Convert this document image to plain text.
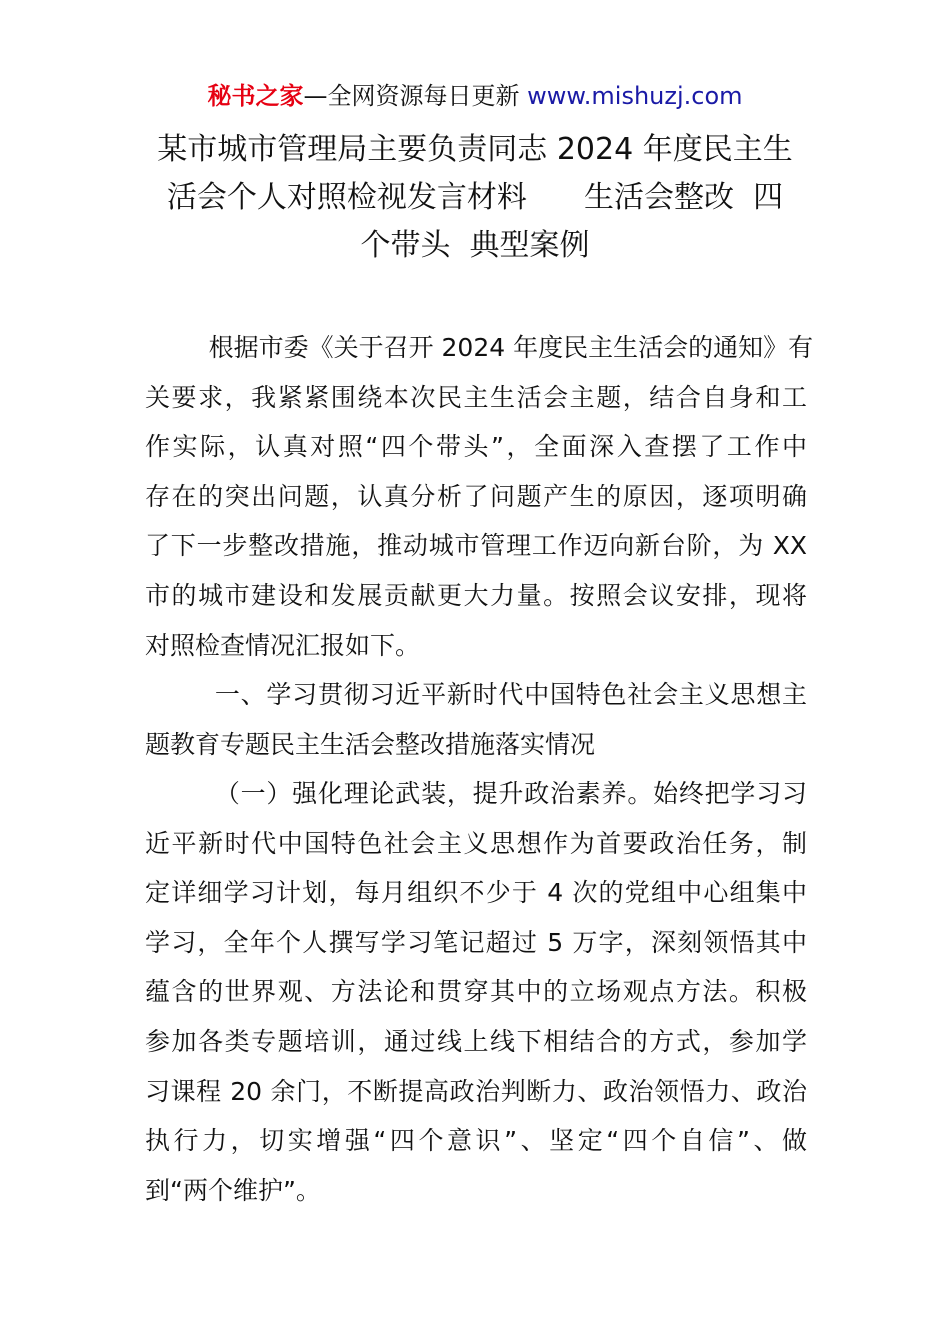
秘书之家—全网资源每日更新 www.mishuzj.com
某市城市管理局主要负责同志 2024 年度民主生
活会个人对照检视发言材料      生活会整改  四
个带头  典型案例
根据市委《关于召开 2024 年度民主生活会的通知》有
关要求，我紧紧围绕本次民主生活会主题，结合自身和工
作实际，认真对照“四个带头”，全面深入查摆了工作中
存在的突出问题，认真分析了问题产生的原因，逐项明确
了下一步整改措施，推动城市管理工作迈向新台阶，为 XX
市的城市建设和发展贡献更大力量。按照会议安排，现将
对照检查情况汇报如下。
一、学习贯彻习近平新时代中国特色社会主义思想主
题教育专题民主生活会整改措施落实情况
（一）强化理论武装，提升政治素养。始终把学习习
近平新时代中国特色社会主义思想作为首要政治任务，制
定详细学习计划，每月组织不少于 4 次的党组中心组集中
学习，全年个人撰写学习笔记超过 5 万字，深刻领悟其中
蕴含的世界观、方法论和贯穿其中的立场观点方法。积极
参加各类专题培训，通过线上线下相结合的方式，参加学
习课程 20 余门，不断提高政治判断力、政治领悟力、政治
执行力，切实增强“四个意识”、坚定“四个自信”、做
到“两个维护”。
